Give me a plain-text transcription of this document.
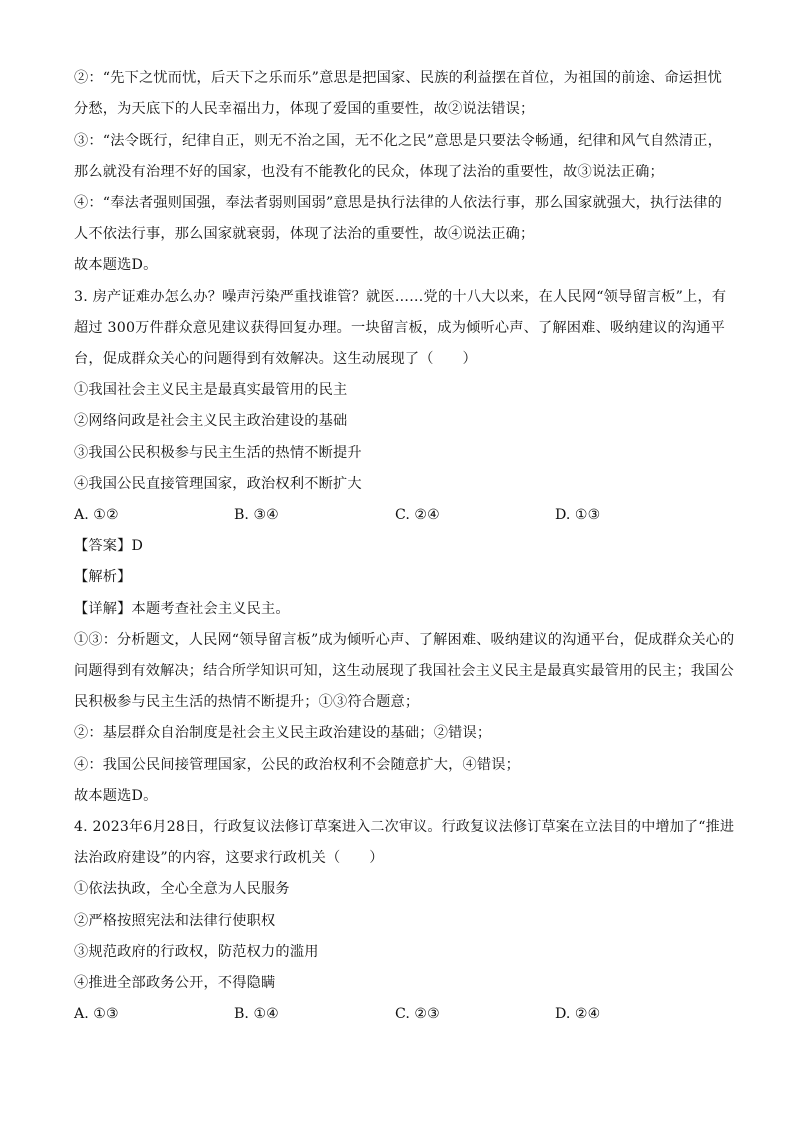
②：“先下之忧而忧，后天下之乐而乐”意思是把国家、民族的利益摆在首位，为祖国的前途、命运担忧
分愁，为天底下的人民幸福出力，体现了爱国的重要性，故②说法错误；
③：“法令既行，纪律自正，则无不治之国，无不化之民”意思是只要法令畅通，纪律和风气自然清正，
那么就没有治理不好的国家，也没有不能教化的民众，体现了法治的重要性，故③说法正确；
④：“奉法者强则国强，奉法者弱则国弱”意思是执行法律的人依法行事，那么国家就强大，执行法律的
人不依法行事，那么国家就衰弱，体现了法治的重要性，故④说法正确；
故本题选D。
3. 房产证难办怎么办？噪声污染严重找谁管？就医……党的十八大以来，在人民网“领导留言板”上，有
超过 300万件群众意见建议获得回复办理。一块留言板，成为倾听心声、了解困难、吸纳建议的沟通平
台，促成群众关心的问题得到有效解决。这生动展现了（　　）
①我国社会主义民主是最真实最管用的民主
②网络问政是社会主义民主政治建设的基础
③我国公民积极参与民主生活的热情不断提升
④我国公民直接管理国家，政治权利不断扩大
A. ①②	B. ③④	C. ②④	D. ①③
【答案】D
【解析】
【详解】本题考查社会主义民主。
①③：分析题文，人民网“领导留言板”成为倾听心声、了解困难、吸纳建议的沟通平台，促成群众关心的
问题得到有效解决；结合所学知识可知，这生动展现了我国社会主义民主是最真实最管用的民主；我国公
民积极参与民主生活的热情不断提升；①③符合题意；
②：基层群众自治制度是社会主义民主政治建设的基础；②错误；
④：我国公民间接管理国家，公民的政治权利不会随意扩大，④错误；
故本题选D。
4. 2023年6月28日，行政复议法修订草案进入二次审议。行政复议法修订草案在立法目的中增加了“推进
法治政府建设”的内容，这要求行政机关（　　）
①依法执政，全心全意为人民服务
②严格按照宪法和法律行使职权
③规范政府的行政权，防范权力的滥用
④推进全部政务公开，不得隐瞒
A. ①③	B. ①④	C. ②③	D. ②④
